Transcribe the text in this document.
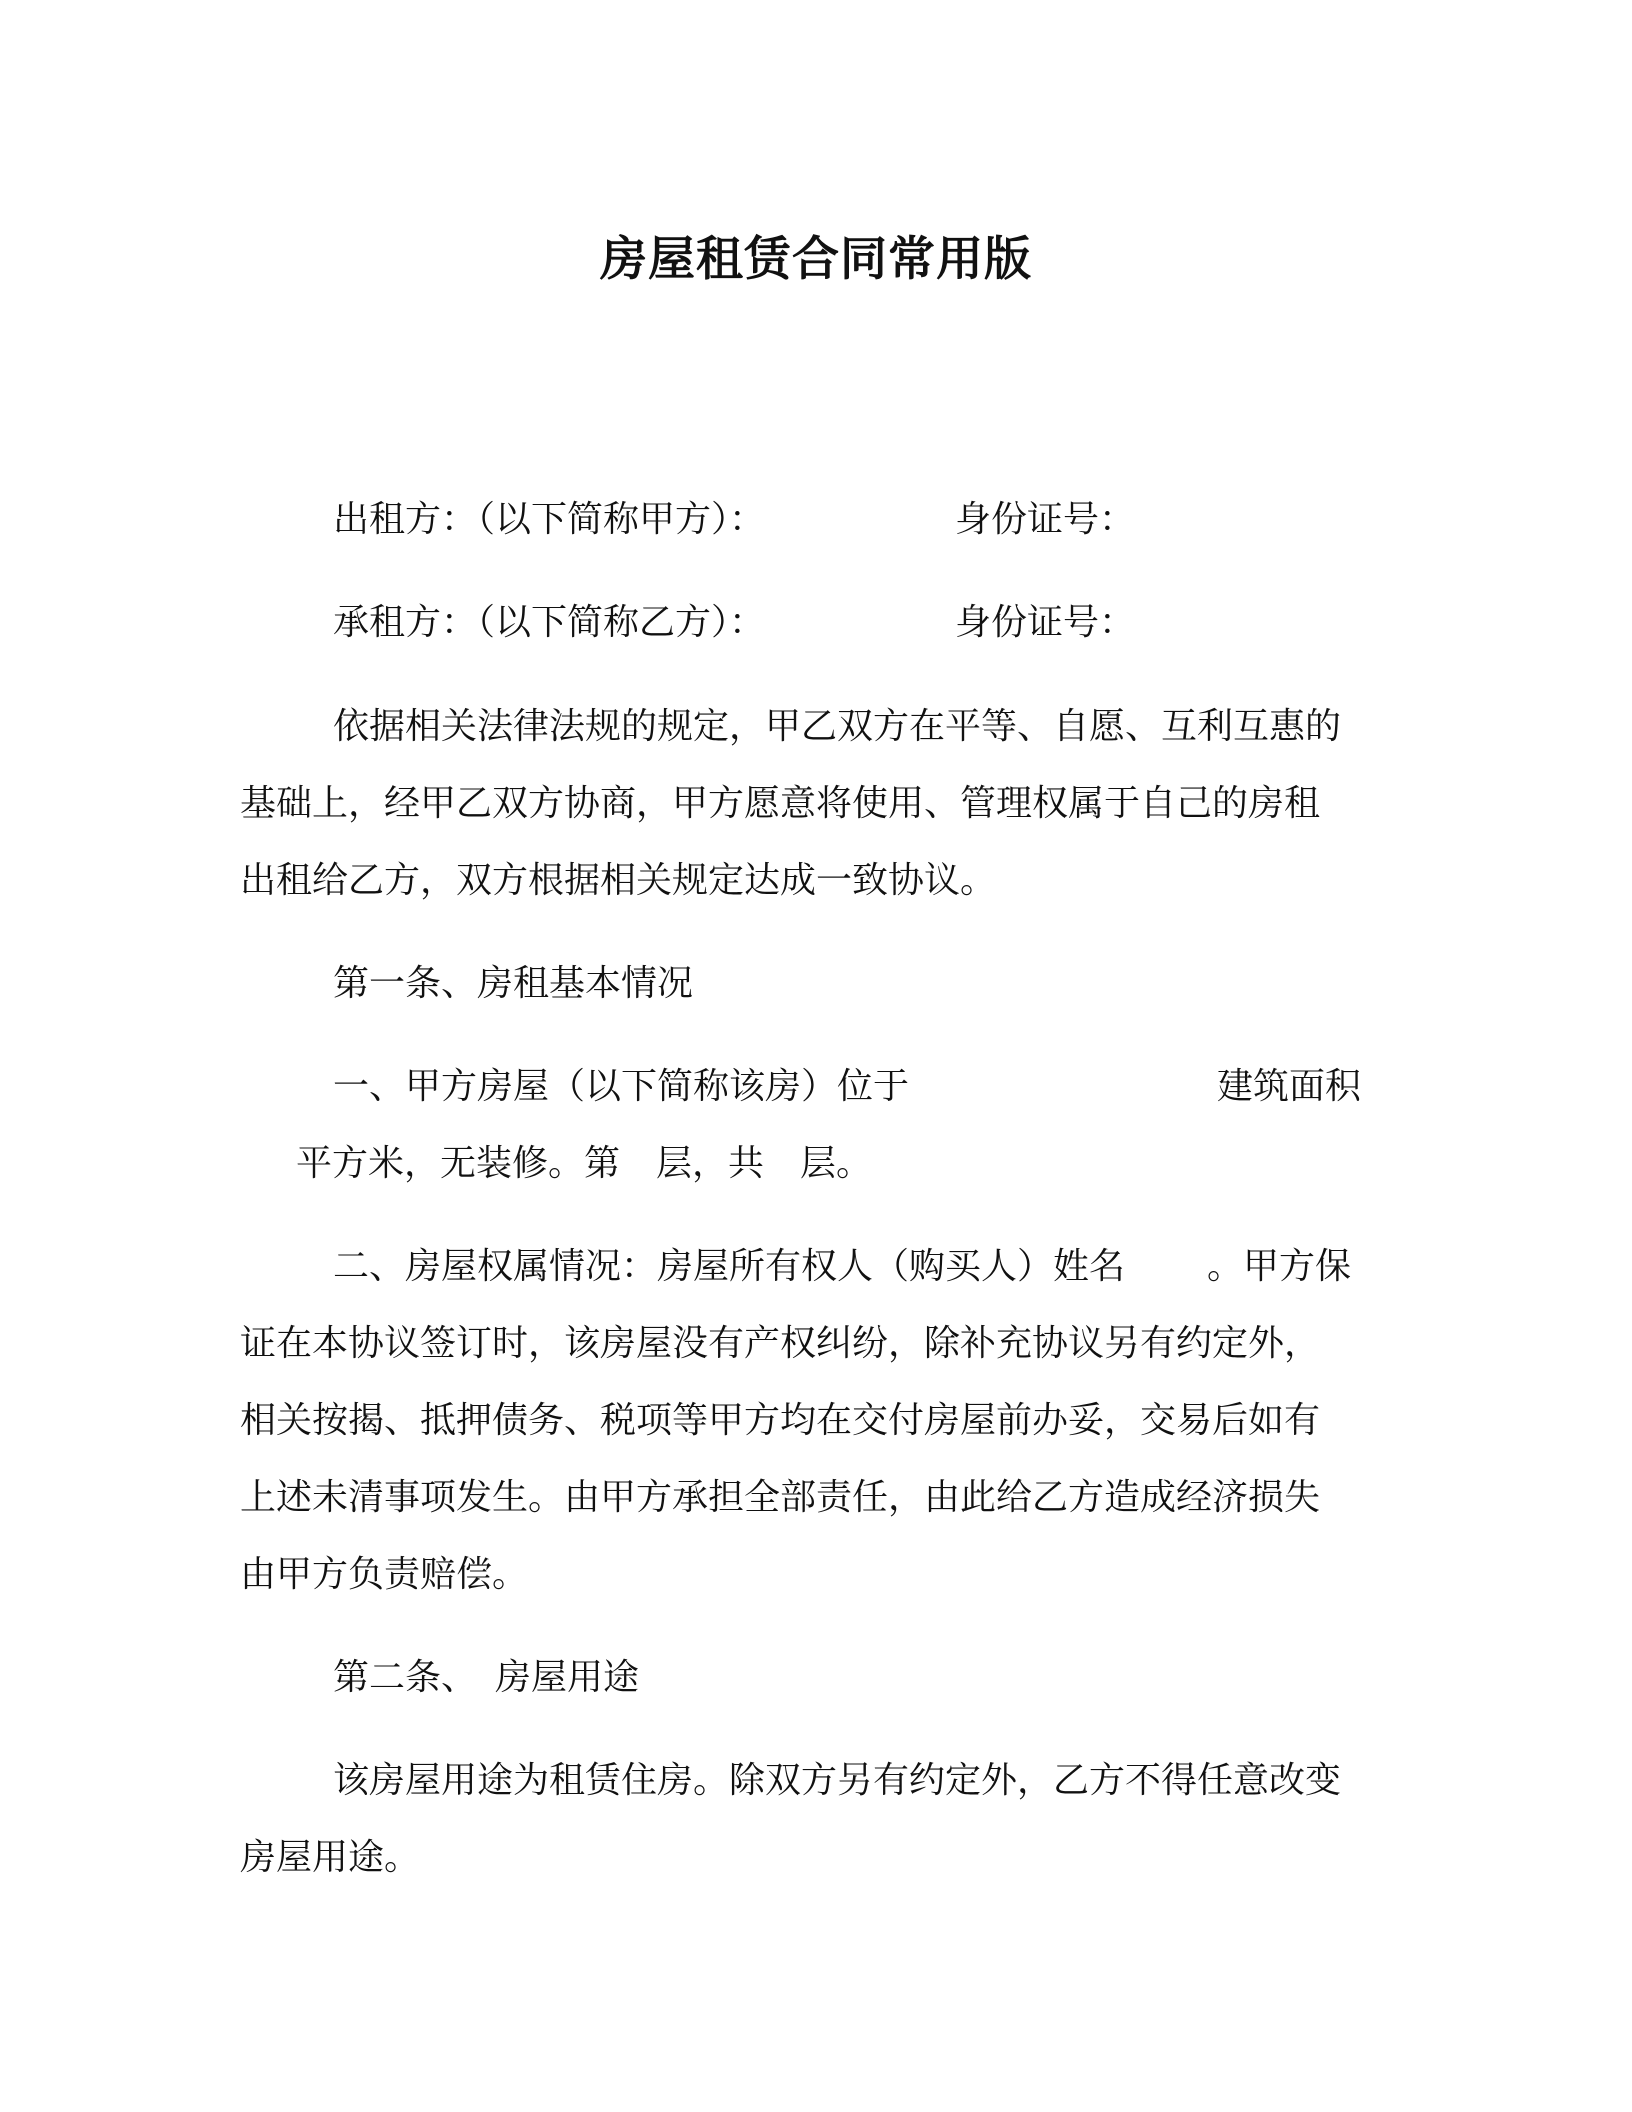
房屋租赁合同常用版
出租方：（以下简称甲方）：	身份证号：
承租方：（以下简称乙方）：	身份证号：
依据相关法律法规的规定，甲乙双方在平等、自愿、互利互惠的
基础上，经甲乙双方协商，甲方愿意将使用、管理权属于自己的房租
出租给乙方，双方根据相关规定达成一致协议。
第一条、房租基本情况
一、甲方房屋（以下简称该房）位于	建筑面积
平方米，无装修。第　层，共　层。
二、房屋权属情况：房屋所有权人（购买人）姓名 。甲方保
证在本协议签订时，该房屋没有产权纠纷，除补充协议另有约定外，
相关按揭、抵押债务、税项等甲方均在交付房屋前办妥，交易后如有
上述未清事项发生。由甲方承担全部责任，由此给乙方造成经济损失
由甲方负责赔偿。
第二条、　房屋用途
该房屋用途为租赁住房。除双方另有约定外，乙方不得任意改变
房屋用途。
